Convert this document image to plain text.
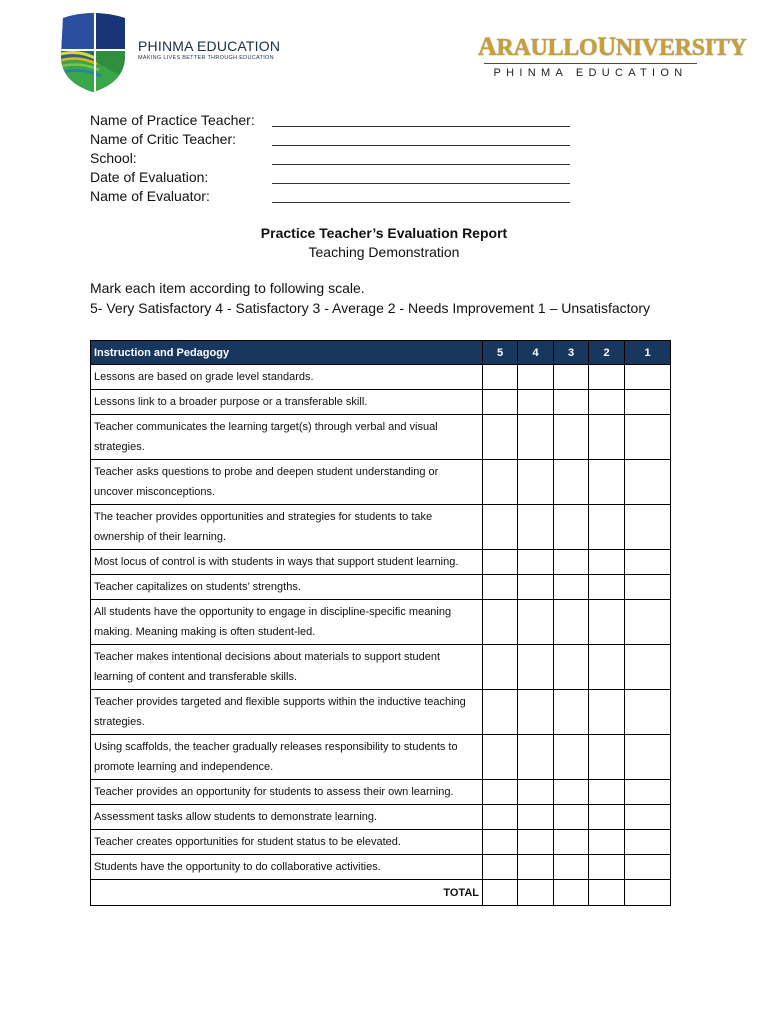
PHINMA EDUCATION
MAKING LIVES BETTER THROUGH EDUCATION	ARAULLOUNIVERSITY
PHINMA EDUCATION
Name of Practice Teacher:
Name of Critic Teacher:
School:
Date of Evaluation:
Name of Evaluator:
Practice Teacher’s Evaluation Report
Teaching Demonstration
Mark each item according to following scale.
5- Very Satisfactory 4 - Satisfactory 3 - Average 2 - Needs Improvement 1 – Unsatisfactory
Instruction and Pedagogy	5	4	3	2	1
Lessons are based on grade level standards.					
Lessons link to a broader purpose or a transferable skill.					
Teacher communicates the learning target(s) through verbal and visual strategies.					
Teacher asks questions to probe and deepen student understanding or uncover misconceptions.					
The teacher provides opportunities and strategies for students to take ownership of their learning.					
Most locus of control is with students in ways that support student learning.					
Teacher capitalizes on students’ strengths.					
All students have the opportunity to engage in discipline-specific meaning making. Meaning making is often student-led.					
Teacher makes intentional decisions about materials to support student learning of content and transferable skills.					
Teacher provides targeted and flexible supports within the inductive teaching strategies.					
Using scaffolds, the teacher gradually releases responsibility to students to promote learning and independence.					
Teacher provides an opportunity for students to assess their own learning.					
Assessment tasks allow students to demonstrate learning.					
Teacher creates opportunities for student status to be elevated.					
Students have the opportunity to do collaborative activities.					
TOTAL					
